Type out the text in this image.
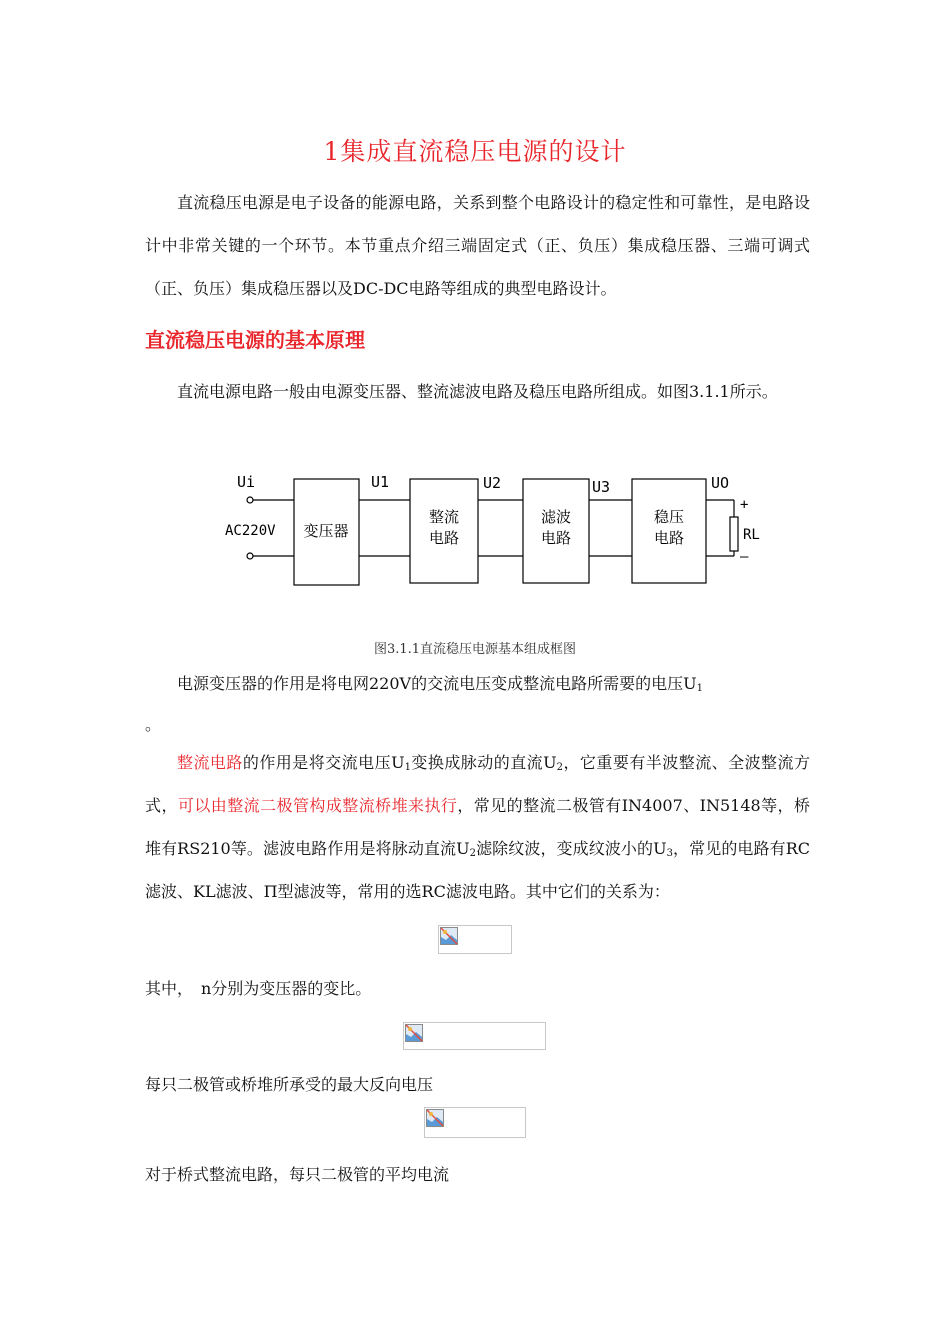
1集成直流稳压电源的设计
直流稳压电源是电子设备的能源电路，关系到整个电路设计的稳定性和可靠性，是电路设计中非常关键的一个环节。本节重点介绍三端固定式（正、负压）集成稳压器、三端可调式（正、负压）集成稳压器以及DC-DC电路等组成的典型电路设计。
直流稳压电源的基本原理
直流电源电路一般由电源变压器、整流滤波电路及稳压电路所组成。如图3.1.1所示。
Ui
AC220V 变压器
U1
整流
电路
U2
滤波
电路
U3
稳压
电路
UO
+
RL
—
图3.1.1直流稳压电源基本组成框图
电源变压器的作用是将电网220V的交流电压变成整流电路所需要的电压$U_1$
。
整流电路的作用是将交流电压$U_1$变换成脉动的直流$U_2$，它重要有半波整流、全波整流方式，可以由整流二极管构成整流桥堆来执行，常见的整流二极管有IN4007、IN5148等，桥堆有RS210等。滤波电路作用是将脉动直流$U_2$滤除纹波，变成纹波小的$U_3$，常见的电路有RC滤波、KL滤波、Π型滤波等，常用的选RC滤波电路。其中它们的关系为：
其中，　n分别为变压器的变比。
每只二极管或桥堆所承受的最大反向电压
对于桥式整流电路，每只二极管的平均电流
